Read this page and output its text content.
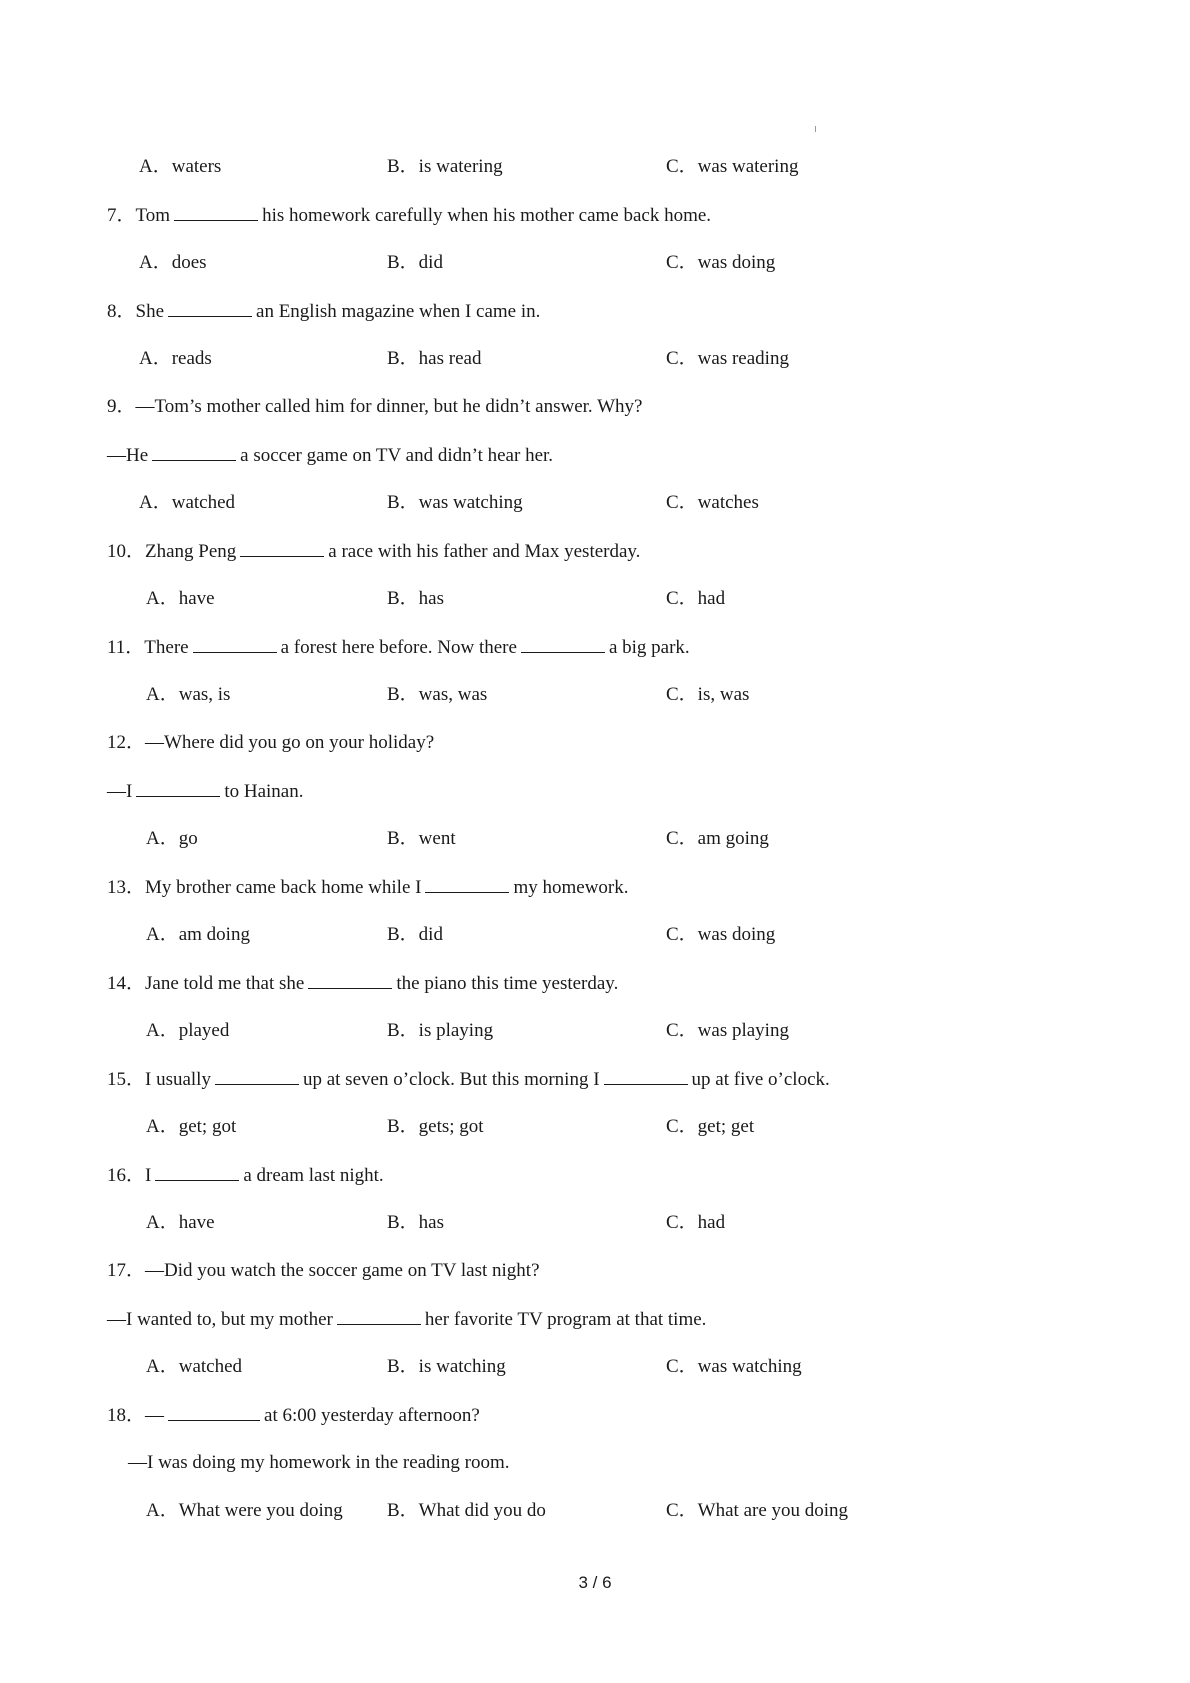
A．waters	B．is watering	C．was watering
7．Tom	his homework carefully when his mother came back home.
A．does	B．did	C．was doing
8．She	an English magazine when I came in.
A．reads	B．has read	C．was reading
9．—Tom’s mother called him for dinner, but he didn’t answer. Why?
—He	a soccer game on TV and didn’t hear her.
A．watched	B．was watching	C．watches
10．Zhang Peng	a race with his father and Max yesterday.
A．have	B．has	C．had
11．There	a forest here before. Now there	a big park.
A．was, is	B．was, was	C．is, was
12．—Where did you go on your holiday?
—I	to Hainan.
A．go	B．went	C．am going
13．My brother came back home while I	my homework.
A．am doing	B．did	C．was doing
14．Jane told me that she	the piano this time yesterday.
A．played	B．is playing	C．was playing
15．I usually	up at seven o’clock. But this morning I	up at five o’clock.
A．get; got	B．gets; got	C．get; get
16．I	a dream last night.
A．have	B．has	C．had
17．—Did you watch the soccer game on TV last night?
—I wanted to, but my mother	her favorite TV program at that time.
A．watched	B．is watching	C．was watching
18．—	at 6:00 yesterday afternoon?
—I was doing my homework in the reading room.
A．What were you doing B．What did you do	C．What are you doing
3 / 6
